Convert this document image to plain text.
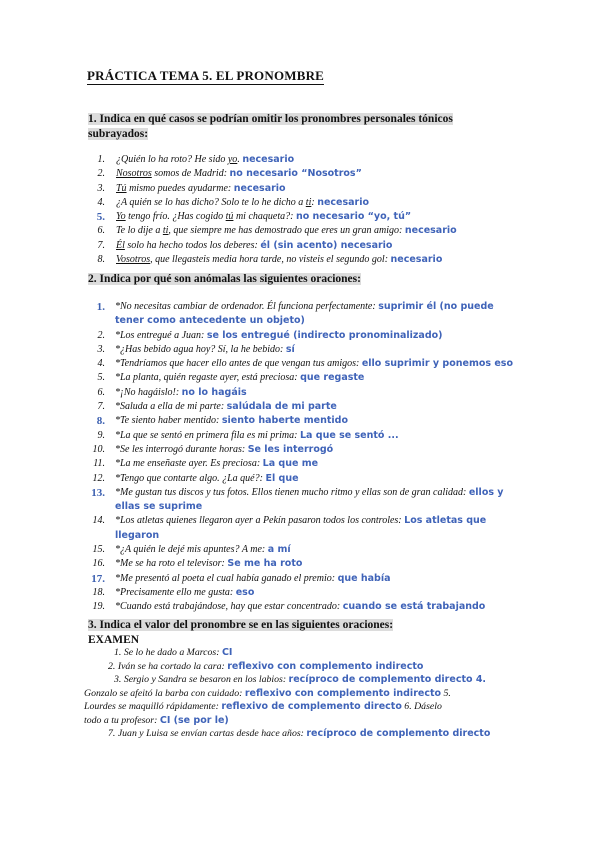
PRÁCTICA TEMA 5. EL PRONOMBRE
1. Indica en qué casos se podrían omitir los pronombres personales tónicos
subrayados:
1. ¿Quién lo ha roto? He sido yo. necesario
2. Nosotros somos de Madrid: no necesario “Nosotros”
3. Tú mismo puedes ayudarme: necesario
4. ¿A quién se lo has dicho? Solo te lo he dicho a ti: necesario
5. Yo tengo frío. ¿Has cogido tú mi chaqueta?: no necesario “yo, tú”
6. Te lo dije a ti, que siempre me has demostrado que eres un gran amigo: necesario
7. Él solo ha hecho todos los deberes: él (sin acento) necesario
8. Vosotros, que llegasteis media hora tarde, no visteis el segundo gol: necesario
2. Indica por qué son anómalas las siguientes oraciones:
1. *No necesitas cambiar de ordenador. Él funciona perfectamente: suprimir él (no puede tener como antecedente un objeto)
2. *Los entregué a Juan: se los entregué (indirecto pronominalizado)
3. *¿Has bebido agua hoy? Sí, la he bebido: sí
4. *Tendríamos que hacer ello antes de que vengan tus amigos: ello suprimir y ponemos eso
5. *La planta, quién regaste ayer, está preciosa: que regaste
6. *¡No hagáislo!: no lo hagáis
7. *Saluda a ella de mi parte: salúdala de mi parte
8. *Te siento haber mentido: siento haberte mentido
9. *La que se sentó en primera fila es mi prima: La que se sentó ...
10. *Se les interrogó durante horas: Se les interrogó
11. *La me enseñaste ayer. Es preciosa: La que me
12. *Tengo que contarte algo. ¿La qué?: El que
13. *Me gustan tus discos y tus fotos. Ellos tienen mucho ritmo y ellas son de gran calidad: ellos y ellas se suprime
14. *Los atletas quienes llegaron ayer a Pekín pasaron todos los controles: Los atletas que llegaron
15. *¿A quién le dejé mis apuntes? A me: a mí
16. *Me se ha roto el televisor: Se me ha roto
17. *Me presentó al poeta el cual había ganado el premio: que había
18. *Precisamente ello me gusta: eso
19. *Cuando está trabajándose, hay que estar concentrado: cuando se está trabajando
3. Indica el valor del pronombre se en las siguientes oraciones:
EXAMEN
1. Se lo he dado a Marcos: CI
2. Iván se ha cortado la cara: reflexivo con complemento indirecto
3. Sergio y Sandra se besaron en los labios: recíproco de complemento directo 4.
Gonzalo se afeitó la barba con cuidado: reflexivo con complemento indirecto 5.
Lourdes se maquilló rápidamente: reflexivo de complemento directo 6. Dáselo
todo a tu profesor: CI (se por le)
7. Juan y Luisa se envían cartas desde hace años: recíproco de complemento directo
